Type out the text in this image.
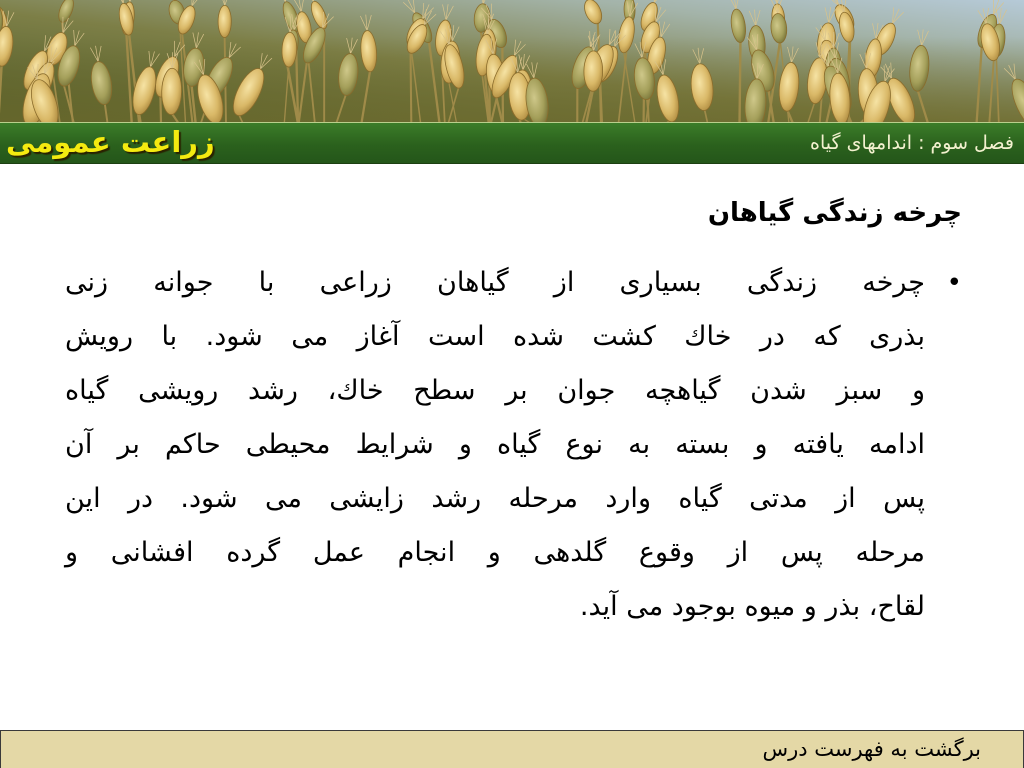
زراعت عمومی	فصل سوم : اندامهای گیاه
چرخه زندگی گیاهان
•
چرخه زندگی بسیاری از گیاهان زراعی با جوانه زنی
بذری که در خاك كشت شده است آغاز می شود. با رویش
و سبز شدن گیاهچه جوان بر سطح خاك، رشد رویشی گیاه
ادامه یافته و بسته به نوع گیاه و شرایط محیطی حاکم بر آن
پس از مدتی گیاه وارد مرحله رشد زایشی می شود. در این
مرحله پس از وقوع گلدهی و انجام عمل گرده افشانی و
لقاح، بذر و میوه بوجود می آید.
برگشت به فهرست درس
